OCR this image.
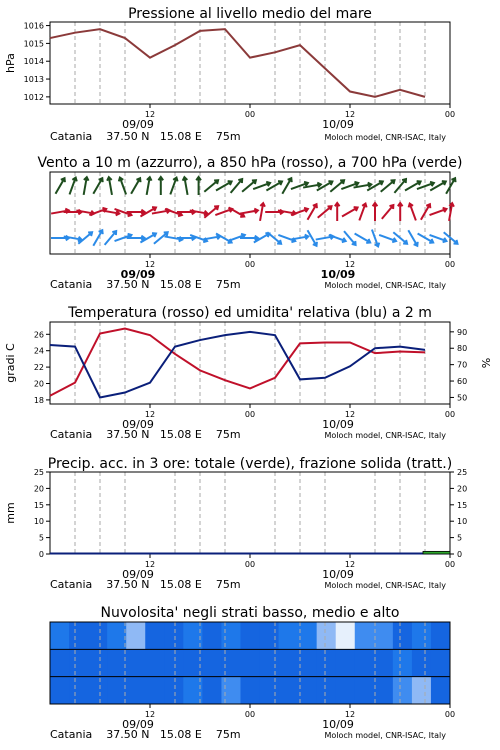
Pressione al livello medio del mare
12	00	12	00
09/09	10/09
1012
1013
1014
1015
1016
hPa
Catania    37.50 N   15.08 E    75m	Moloch model, CNR-ISAC, Italy
Vento a 10 m (azzurro), a 850 hPa (rosso), a 700 hPa (verde)
12	00	12	00
09/09	10/09
Catania    37.50 N   15.08 E    75m	Moloch model, CNR-ISAC, Italy
Temperatura (rosso) ed umidita' relativa (blu) a 2 m
12	00	12	00
09/09	10/09
18
20
22
24
26
50
60
70
80
90
gradi C	%
Catania    37.50 N   15.08 E    75m	Moloch model, CNR-ISAC, Italy
Precip. acc. in 3 ore: totale (verde), frazione solida (tratt.)
12	00	12	00
09/09	10/09
0
5
10
15
20
25
0
5
10
15
20
25
mm
Catania    37.50 N   15.08 E    75m	Moloch model, CNR-ISAC, Italy
Nuvolosita' negli strati basso, medio e alto
12	00	12	00
09/09	10/09
Catania    37.50 N   15.08 E    75m	Moloch model, CNR-ISAC, Italy
